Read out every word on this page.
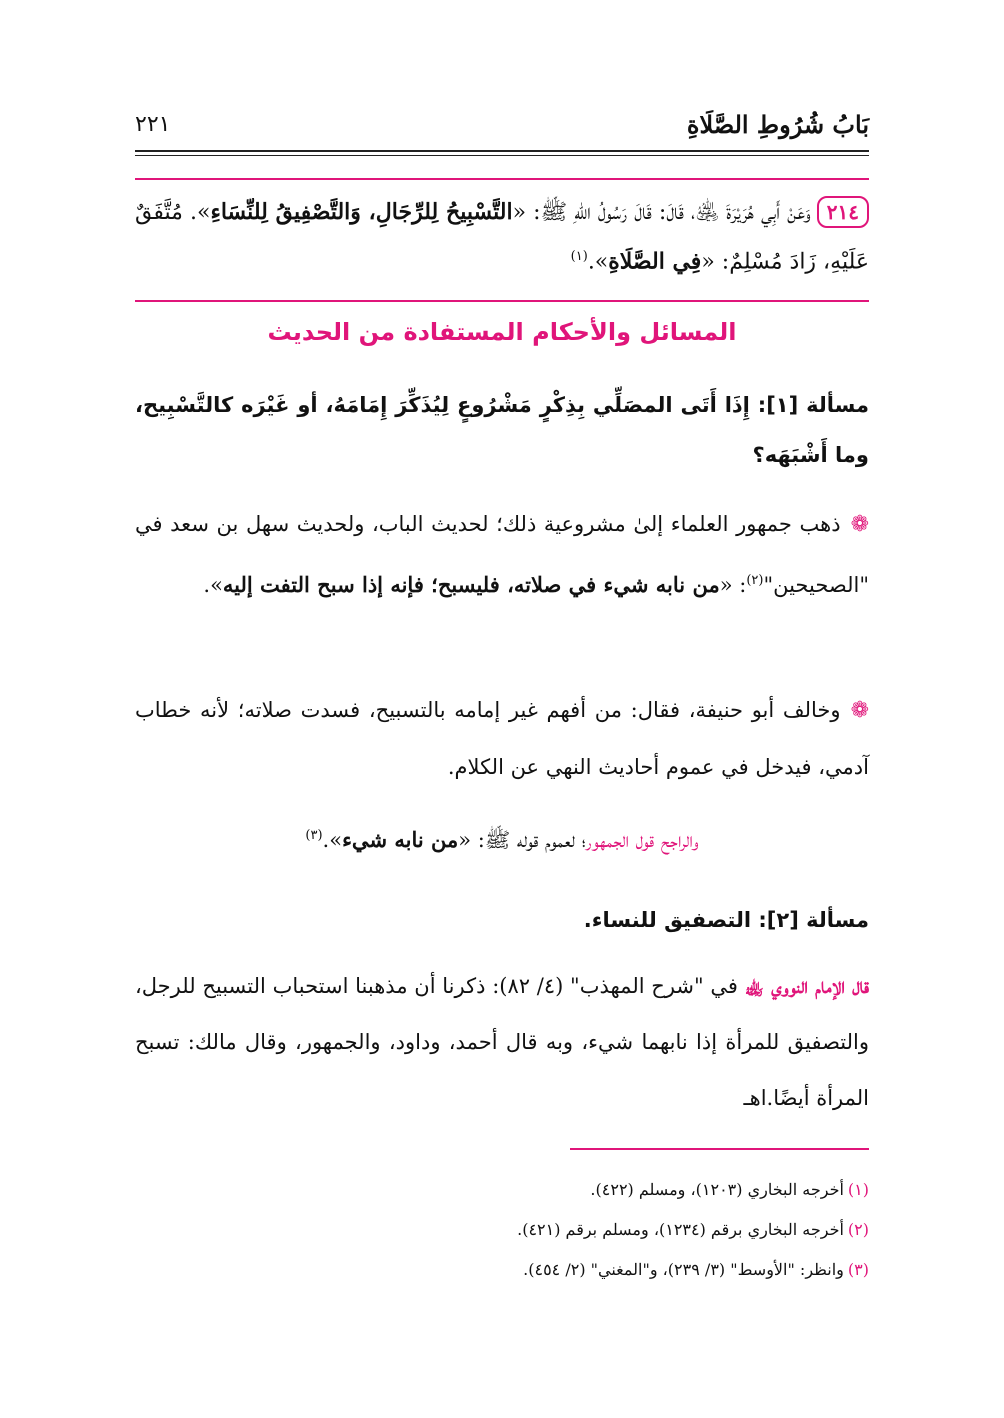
بَابُ شُرُوطِ الصَّلَاةِ
٢٢١
٢١٤وَعَنْ أَبِي هُرَيْرَةَ ﵁، قَالَ: قَالَ رَسُولُ اللهِ ﷺ: «التَّسْبِيحُ لِلرِّجَالِ، وَالتَّصْفِيقُ لِلنِّسَاءِ». مُتَّفَقٌ عَلَيْهِ، زَادَ مُسْلِمٌ: «فِي الصَّلَاةِ».$^{(١)}$
المسائل والأحكام المستفادة من الحديث
مسألة [١]: إِذَا أَتَى المصَلِّي بِذِكْرٍ مَشْرُوعٍ لِيُذَكِّرَ إِمَامَهُ، أو غَيْرَه كالتَّسْبِيح، وما أَشْبَهَه؟
❁ذهب جمهور العلماء إلىٰ مشروعية ذلك؛ لحديث الباب، ولحديث سهل بن سعد في "الصحيحين"$^{(٢)}$: «من نابه شيء في صلاته، فليسبح؛ فإنه إذا سبح التفت إليه».
❁وخالف أبو حنيفة، فقال: من أفهم غير إمامه بالتسبيح، فسدت صلاته؛ لأنه خطاب آدمي، فيدخل في عموم أحاديث النهي عن الكلام.
والراجح قول الجمهور؛ لعموم قوله ﷺ: «من نابه شيء».$^{(٣)}$
مسألة [٢]: التصفيق للنساء.
قال الإمام النووي ﵀ في "شرح المهذب" (٤/ ٨٢): ذكرنا أن مذهبنا استحباب التسبيح للرجل، والتصفيق للمرأة إذا نابهما شيء، وبه قال أحمد، وداود، والجمهور، وقال مالك: تسبح المرأة أيضًا.اهـ
(١)أخرجه البخاري (١٢٠٣)، ومسلم (٤٢٢).
(٢)أخرجه البخاري برقم (١٢٣٤)، ومسلم برقم (٤٢١).
(٣)وانظر: "الأوسط" (٣/ ٢٣٩)، و"المغني" (٢/ ٤٥٤).
